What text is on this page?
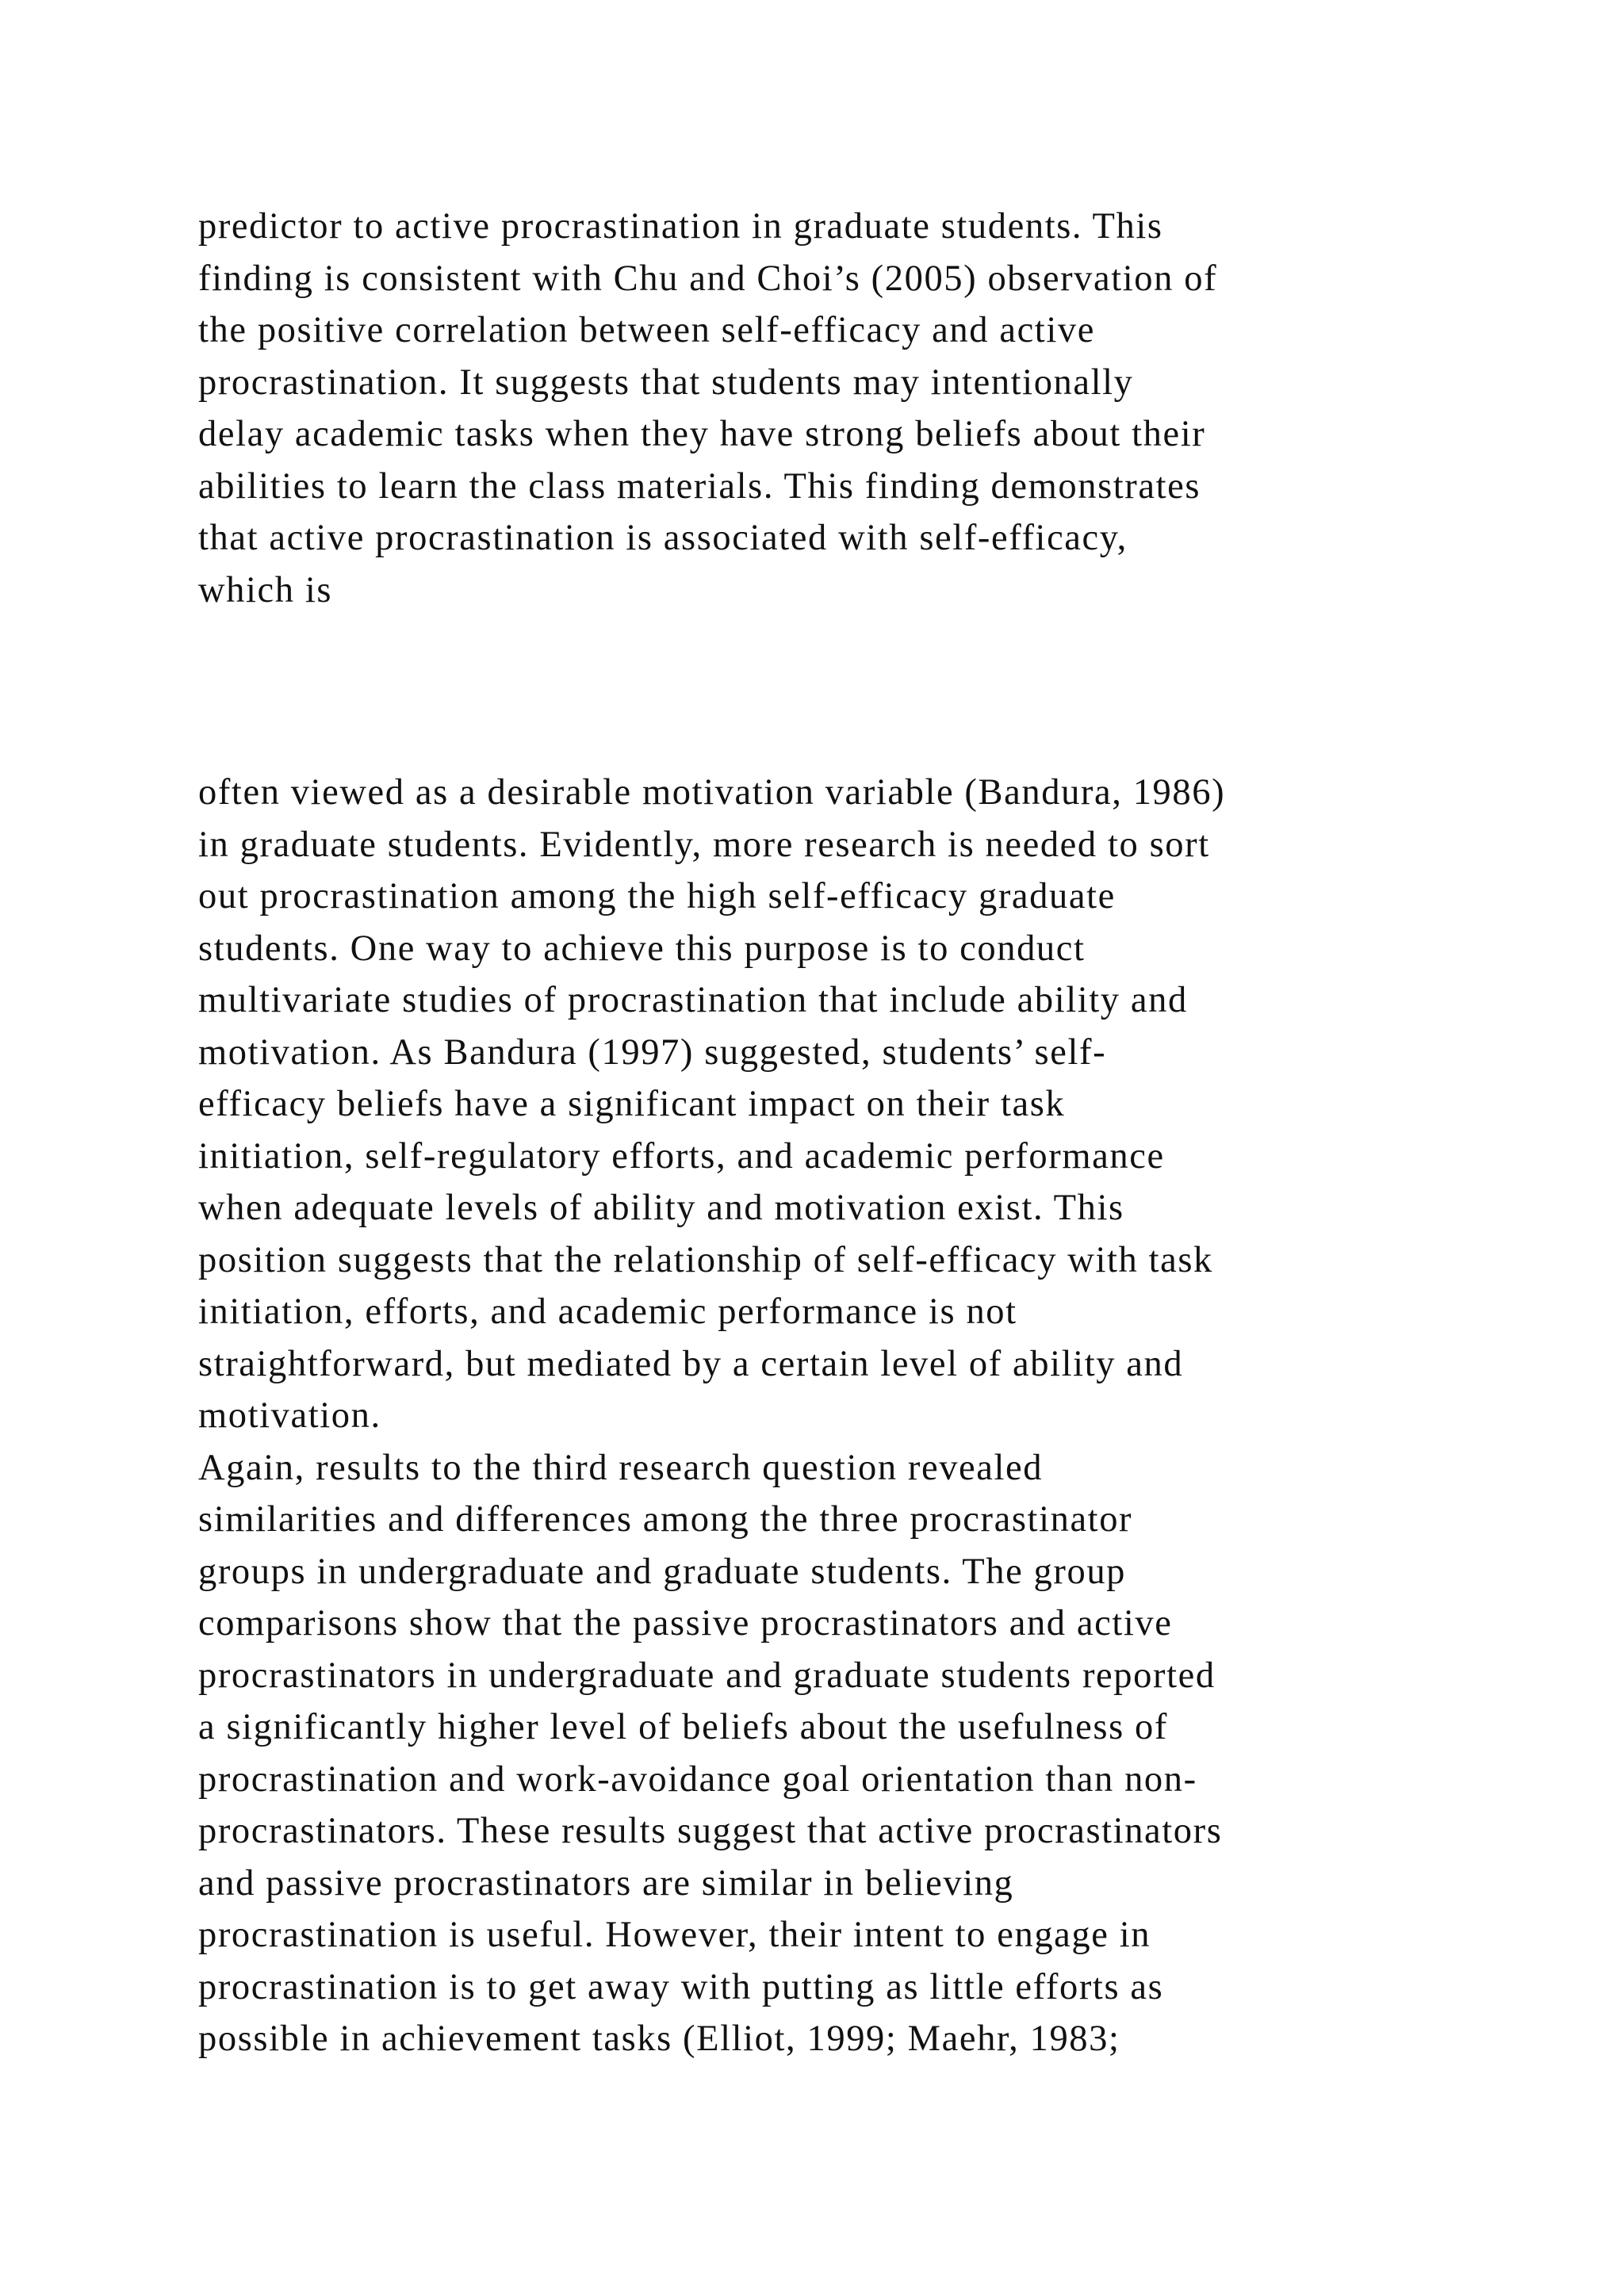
predictor to active procrastination in graduate students. This
finding is consistent with Chu and Choi’s (2005) observation of
the positive correlation between self-efficacy and active
procrastination. It suggests that students may intentionally
delay academic tasks when they have strong beliefs about their
abilities to learn the class materials. This finding demonstrates
that active procrastination is associated with self-efficacy,
which is
often viewed as a desirable motivation variable (Bandura, 1986)
in graduate students. Evidently, more research is needed to sort
out procrastination among the high self-efficacy graduate
students. One way to achieve this purpose is to conduct
multivariate studies of procrastination that include ability and
motivation. As Bandura (1997) suggested, students’ self-
efficacy beliefs have a significant impact on their task
initiation, self-regulatory efforts, and academic performance
when adequate levels of ability and motivation exist. This
position suggests that the relationship of self-efficacy with task
initiation, efforts, and academic performance is not
straightforward, but mediated by a certain level of ability and
motivation.
Again, results to the third research question revealed
similarities and differences among the three procrastinator
groups in undergraduate and graduate students. The group
comparisons show that the passive procrastinators and active
procrastinators in undergraduate and graduate students reported
a significantly higher level of beliefs about the usefulness of
procrastination and work-avoidance goal orientation than non-
procrastinators. These results suggest that active procrastinators
and passive procrastinators are similar in believing
procrastination is useful. However, their intent to engage in
procrastination is to get away with putting as little efforts as
possible in achievement tasks (Elliot, 1999; Maehr, 1983;
